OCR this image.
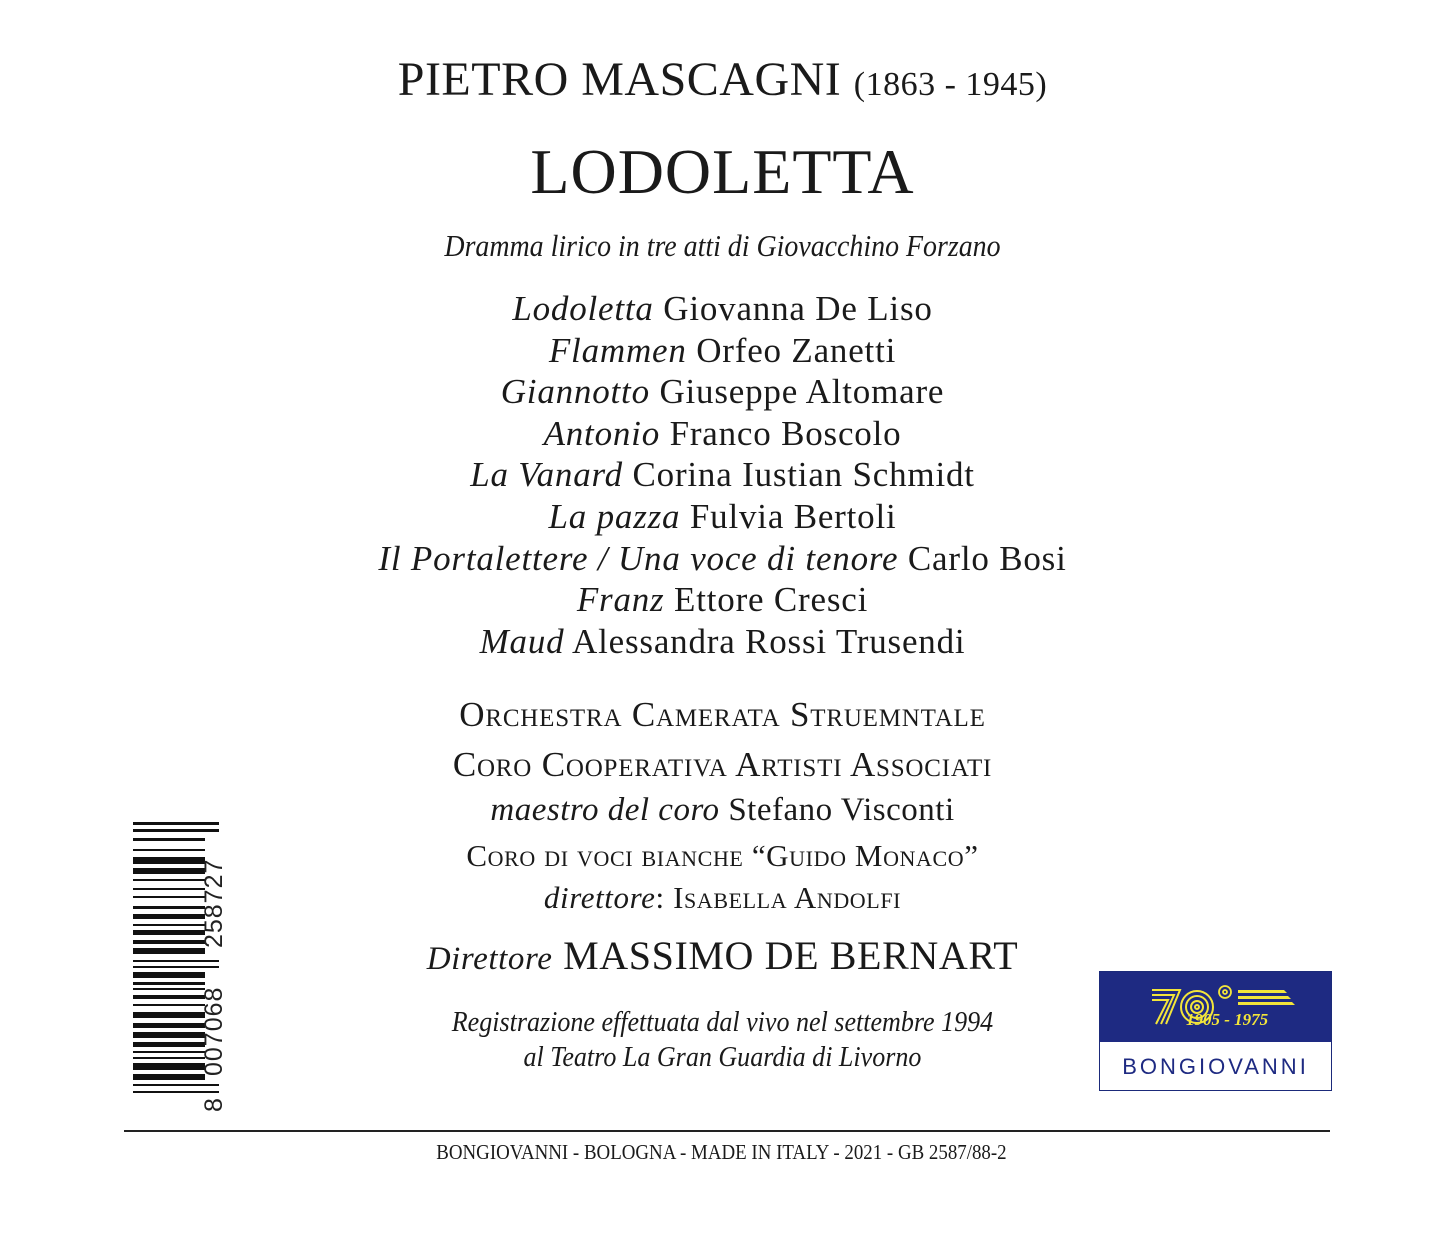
PIETRO MASCAGNI (1863 - 1945)
LODOLETTA
Dramma lirico in tre atti di Giovacchino Forzano
Lodoletta Giovanna De Liso
Flammen Orfeo Zanetti
Giannotto Giuseppe Altomare
Antonio Franco Boscolo
La Vanard Corina Iustian Schmidt
La pazza Fulvia Bertoli
Il Portalettere / Una voce di tenore Carlo Bosi
Franz Ettore Cresci
Maud Alessandra Rossi Trusendi
Orchestra Camerata Struemntale
Coro Cooperativa Artisti Associati
maestro del coro Stefano Visconti
Coro di voci bianche “Guido Monaco”
direttore: Isabella Andolfi
Direttore MASSIMO DE BERNART
Registrazione effettuata dal vivo nel settembre 1994
al Teatro La Gran Guardia di Livorno
8007068 258727
1905 - 1975
BONGIOVANNI
BONGIOVANNI - BOLOGNA - MADE IN ITALY - 2021 - GB 2587/88-2
